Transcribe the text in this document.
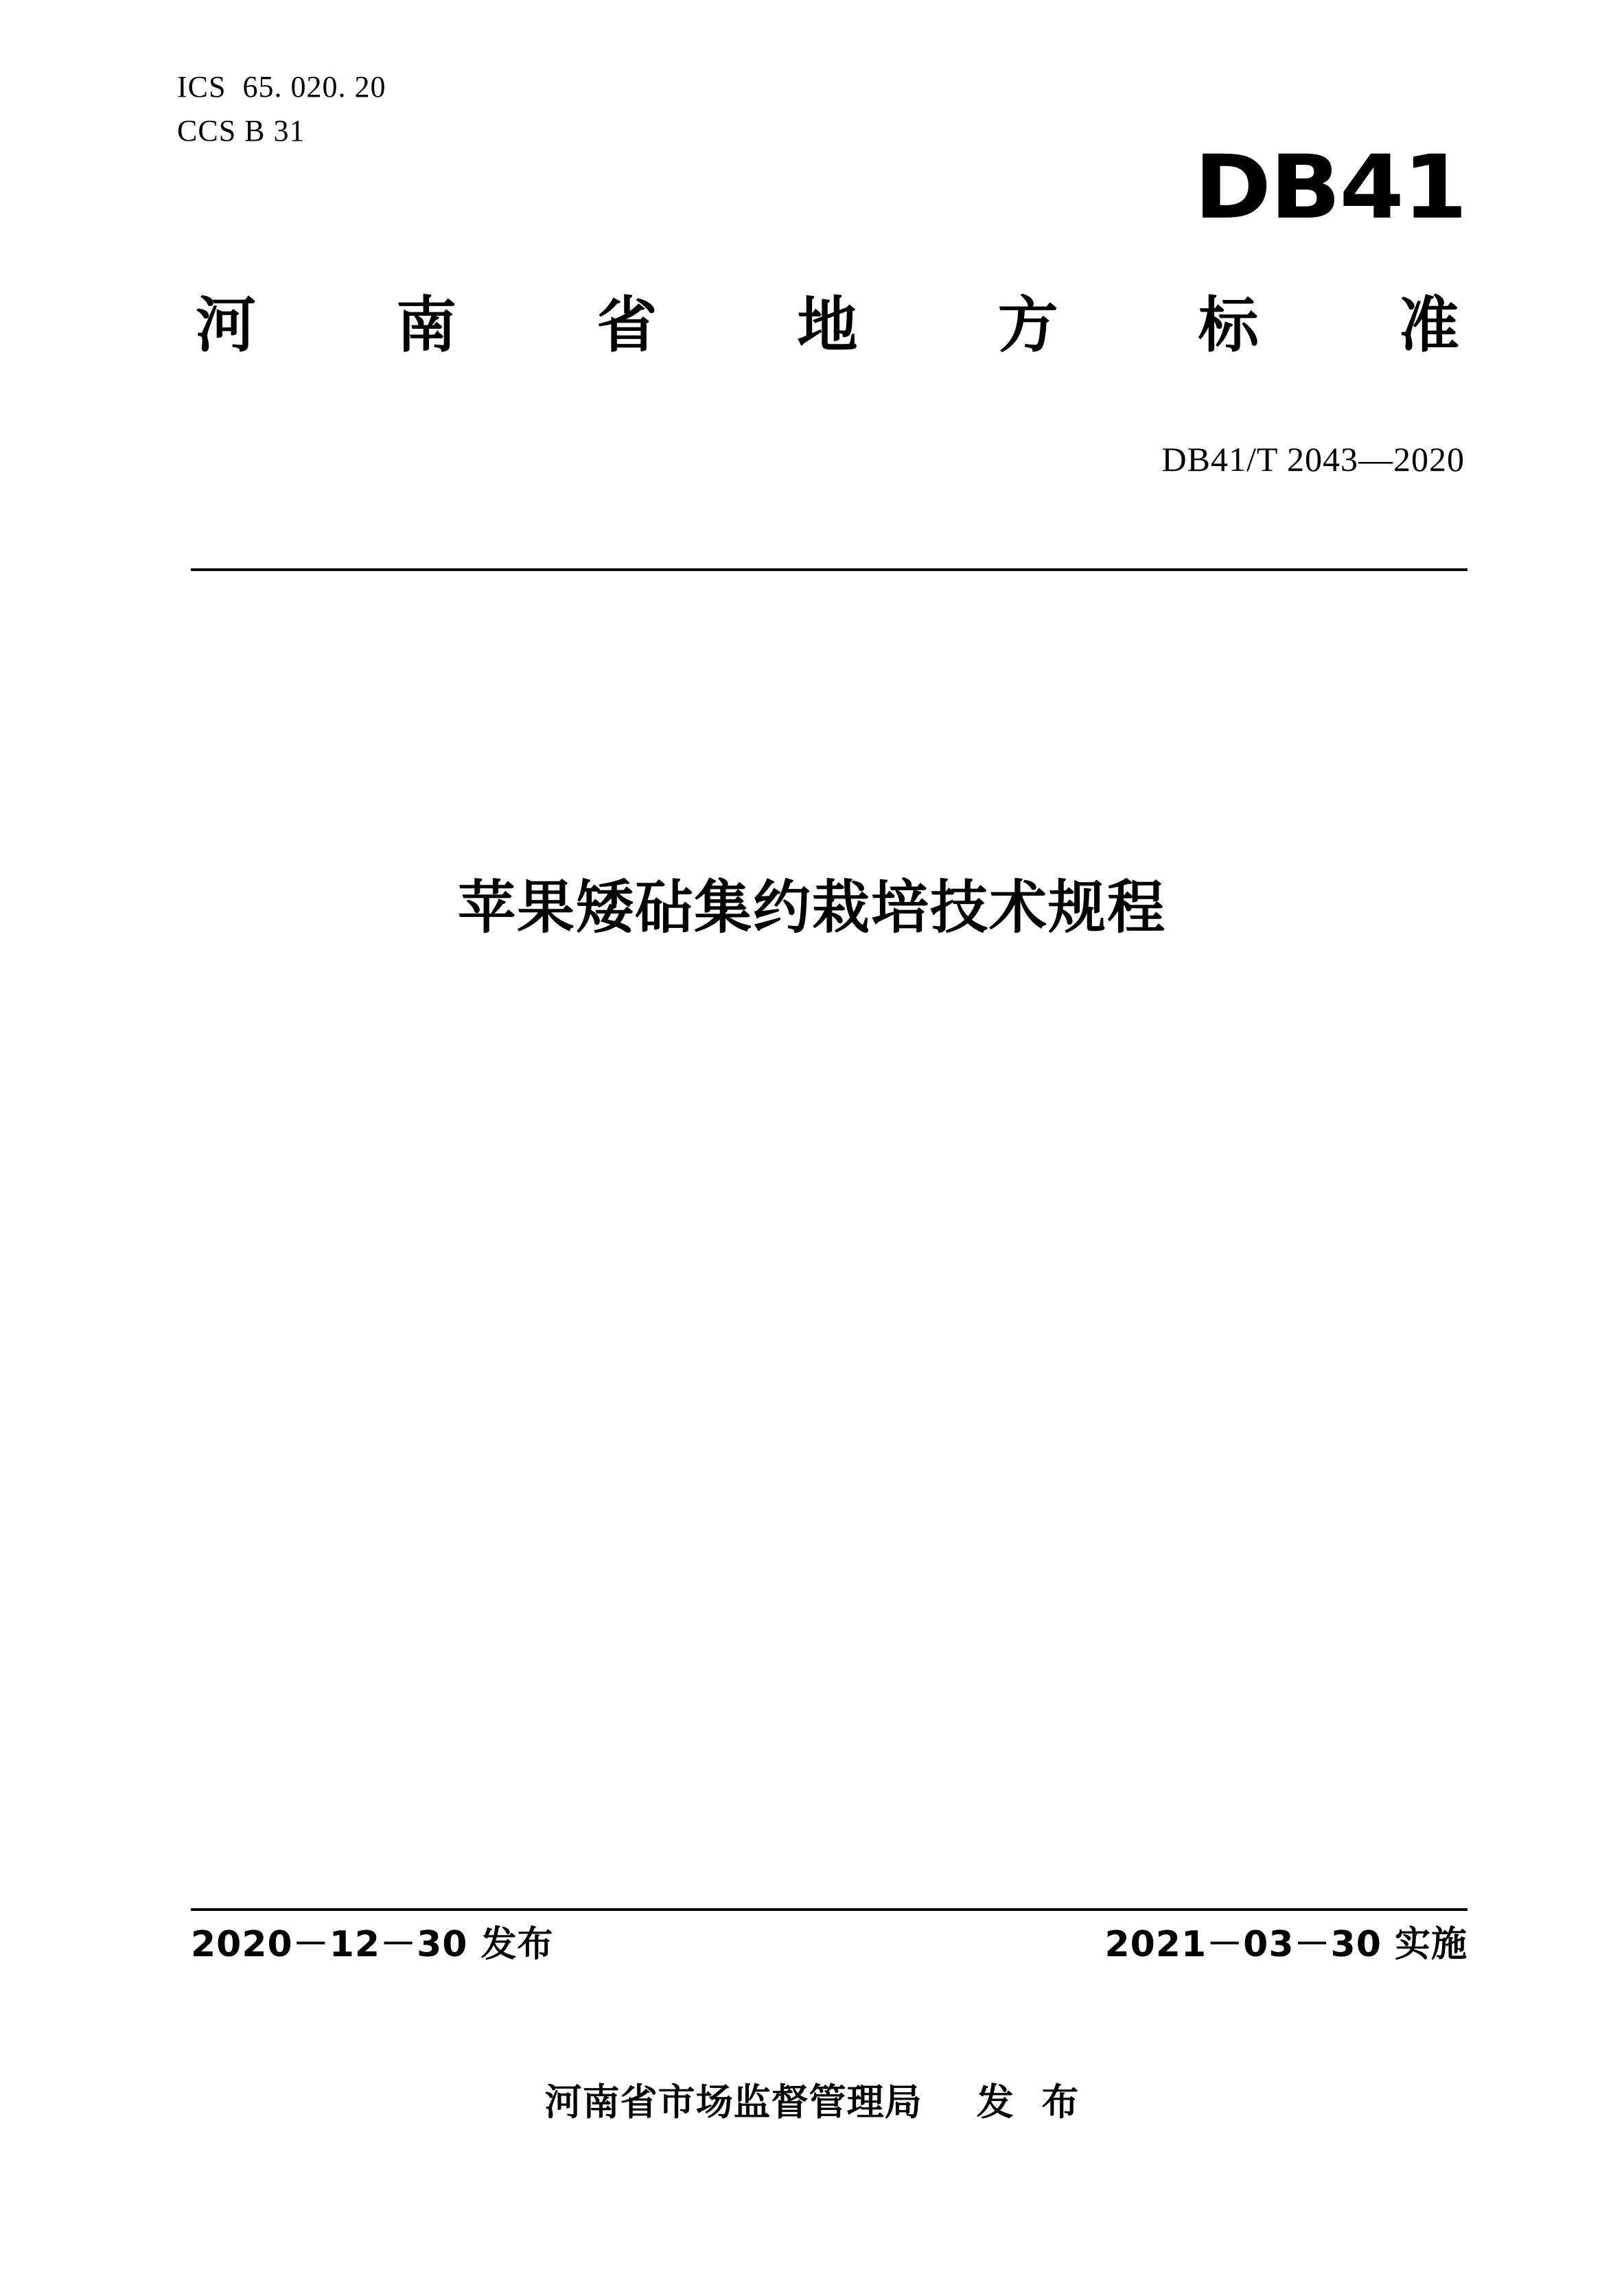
ICS  65. 020. 20
CCS B 31
DB41
河 南 省 地 方 标 准
DB41/T 2043—2020
苹果矮砧集约栽培技术规程
2020－12－30 发布	2021－03－30 实施
河南省市场监督管理局    发  布
